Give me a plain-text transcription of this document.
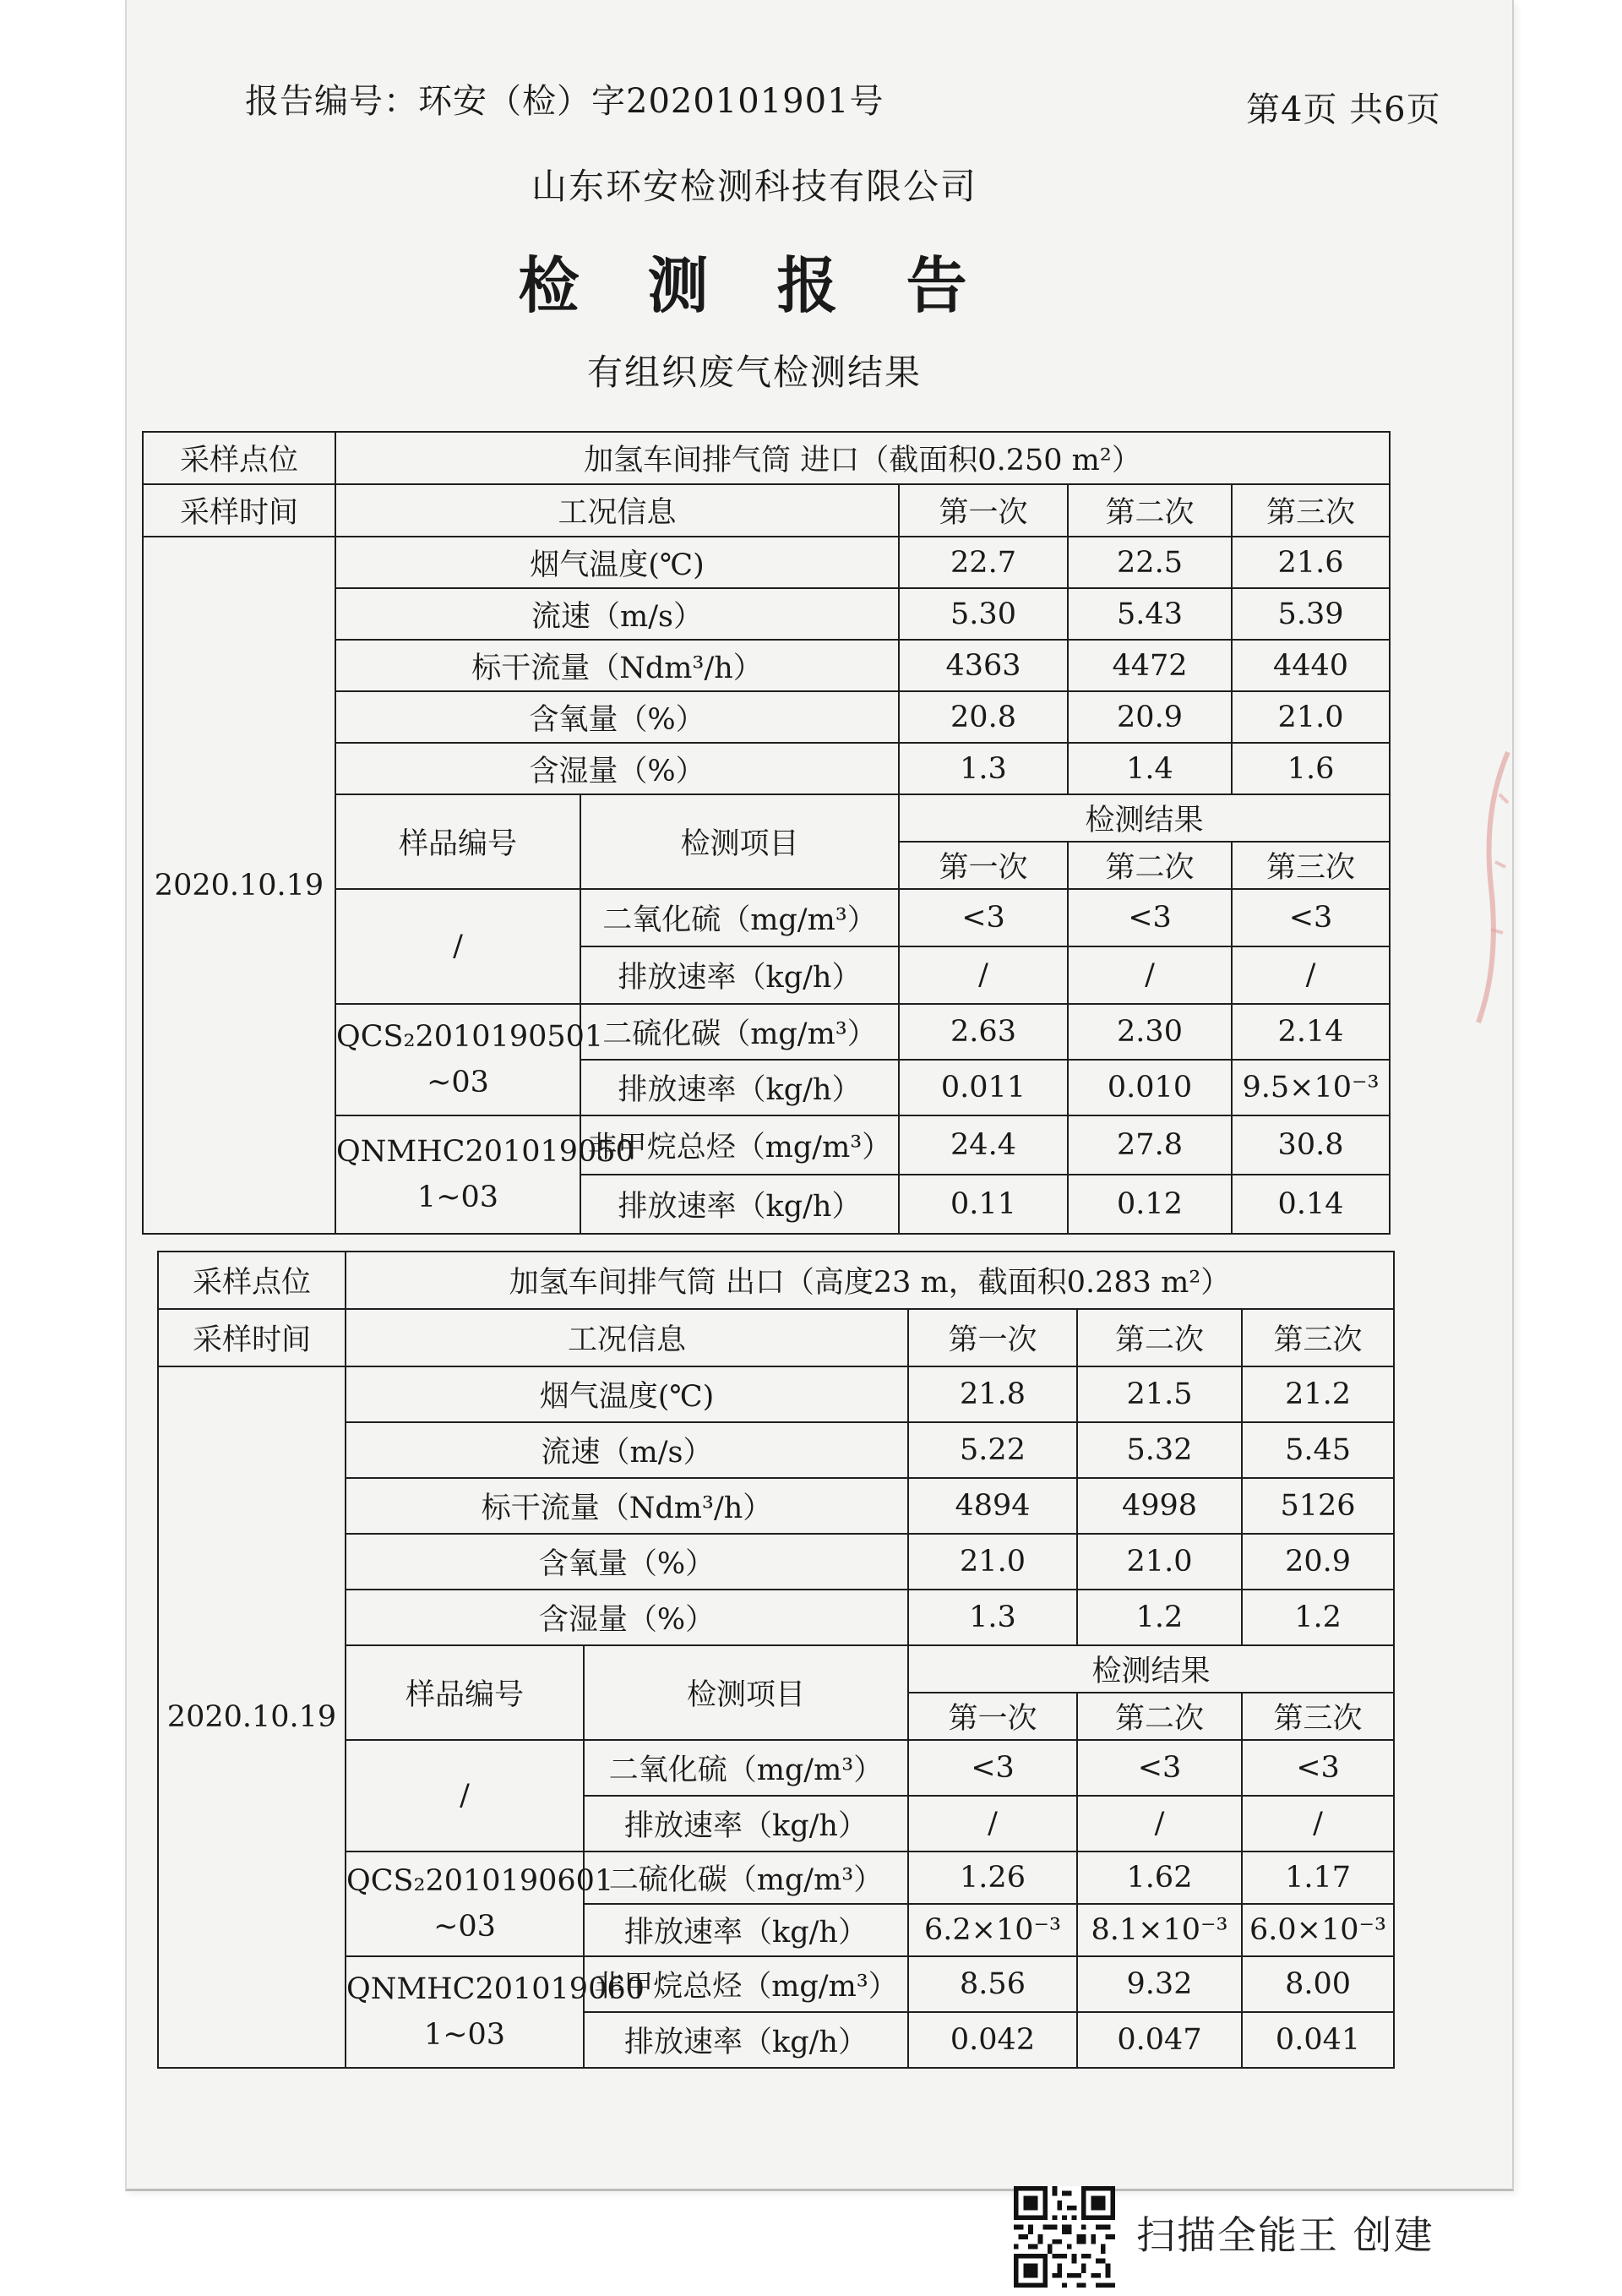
报告编号：环安（检）字2020101901号	第4页 共6页
山东环安检测科技有限公司
检 测 报 告
有组织废气检测结果
采样点位	加氢车间排气筒 进口（截面积0.250 m²）				
采样时间	工况信息		第一次	第二次	第三次
2020.10.19	烟气温度(℃)		22.7	22.5	21.6
	流速（m/s）		5.30	5.43	5.39
	标干流量（Ndm³/h）		4363	4472	4440
	含氧量（%）		20.8	20.9	21.0
	含湿量（%）		1.3	1.4	1.6
	样品编号	检测项目	检测结果		
			第一次	第二次	第三次
	/	二氧化硫（mg/m³）	<3	<3	<3
		排放速率（kg/h）	/	/	/
	QCS₂2010190501 ~03	二硫化碳（mg/m³）	2.63	2.30	2.14
		排放速率（kg/h）	0.011	0.010	9.5×10⁻³
	QNMHC201019050 1~03	非甲烷总烃（mg/m³）	24.4	27.8	30.8
		排放速率（kg/h）	0.11	0.12	0.14
采样点位	加氢车间排气筒 出口（高度23 m，截面积0.283 m²）				
采样时间	工况信息		第一次	第二次	第三次
2020.10.19	烟气温度(℃)		21.8	21.5	21.2
	流速（m/s）		5.22	5.32	5.45
	标干流量（Ndm³/h）		4894	4998	5126
	含氧量（%）		21.0	21.0	20.9
	含湿量（%）		1.3	1.2	1.2
	样品编号	检测项目	检测结果		
			第一次	第二次	第三次
	/	二氧化硫（mg/m³）	<3	<3	<3
		排放速率（kg/h）	/	/	/
	QCS₂2010190601 ~03	二硫化碳（mg/m³）	1.26	1.62	1.17
		排放速率（kg/h）	6.2×10⁻³	8.1×10⁻³	6.0×10⁻³
	QNMHC201019060 1~03	非甲烷总烃（mg/m³）	8.56	9.32	8.00
		排放速率（kg/h）	0.042	0.047	0.041
扫描全能王 创建
